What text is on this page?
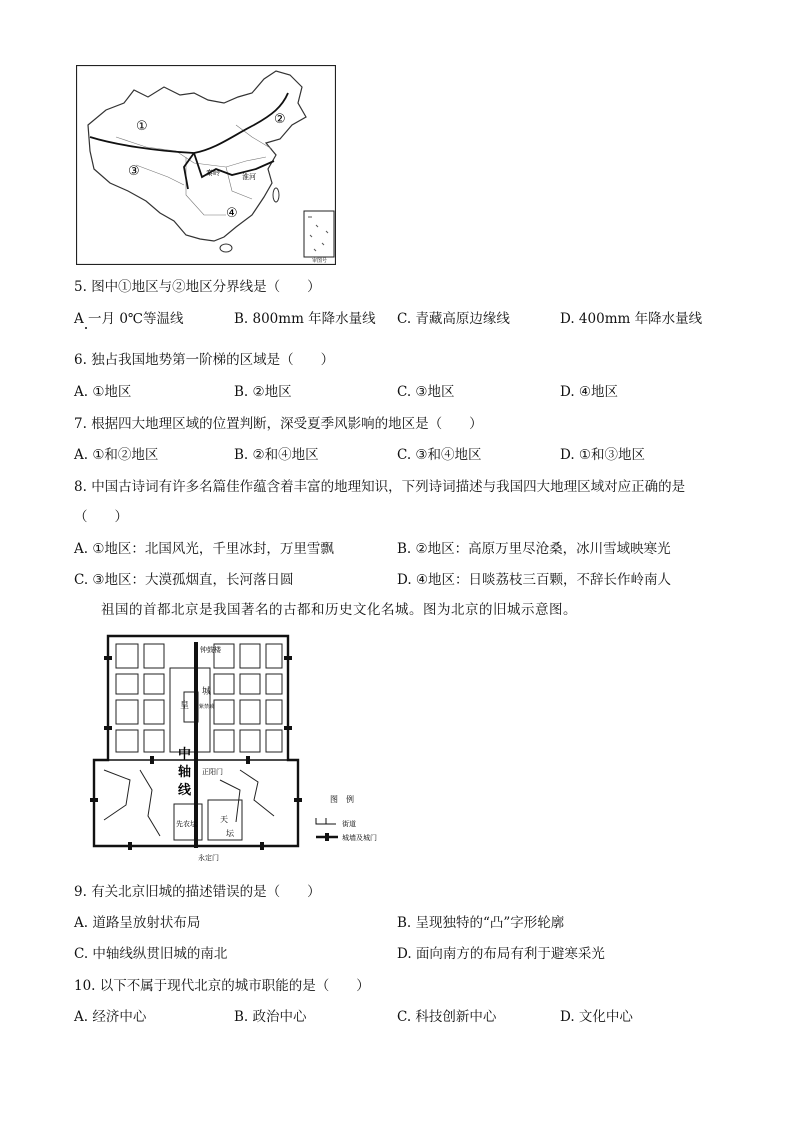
①	②
③
④
秦岭	淮河
审图号
5. 图中①地区与②地区分界线是（　　）
A 一月 0℃等温线	B. 800mm 年降水量线 C. 青藏高原边缘线	D. 400mm 年降水量线
6. 独占我国地势第一阶梯的区域是（　　）
A. ①地区	B. ②地区	C. ③地区	D. ④地区
7. 根据四大地理区域的位置判断，深受夏季风影响的地区是（　　）
A. ①和②地区	B. ②和④地区	C. ③和④地区	D. ①和③地区
8. 中国古诗词有许多名篇佳作蕴含着丰富的地理知识，下列诗词描述与我国四大地理区域对应正确的是
（　　）
A. ①地区：北国风光，千里冰封，万里雪飘	B. ②地区：高原万里尽沧桑，冰川雪域映寒光
C. ③地区：大漠孤烟直，长河落日圆	D. ④地区：日啖荔枝三百颗，不辞长作岭南人
祖国的首都北京是我国著名的古都和历史文化名城。图为北京的旧城示意图。
钟鼓楼
皇
城
紫禁城
中
轴
线
正阳门
先农坛	天
坛
永定门
图　例
街道
城墙及城门
9. 有关北京旧城的描述错误的是（　　）
A. 道路呈放射状布局	B. 呈现独特的“凸”字形轮廓
C. 中轴线纵贯旧城的南北	D. 面向南方的布局有利于避寒采光
10. 以下不属于现代北京的城市职能的是（　　）
A. 经济中心	B. 政治中心	C. 科技创新中心	D. 文化中心
